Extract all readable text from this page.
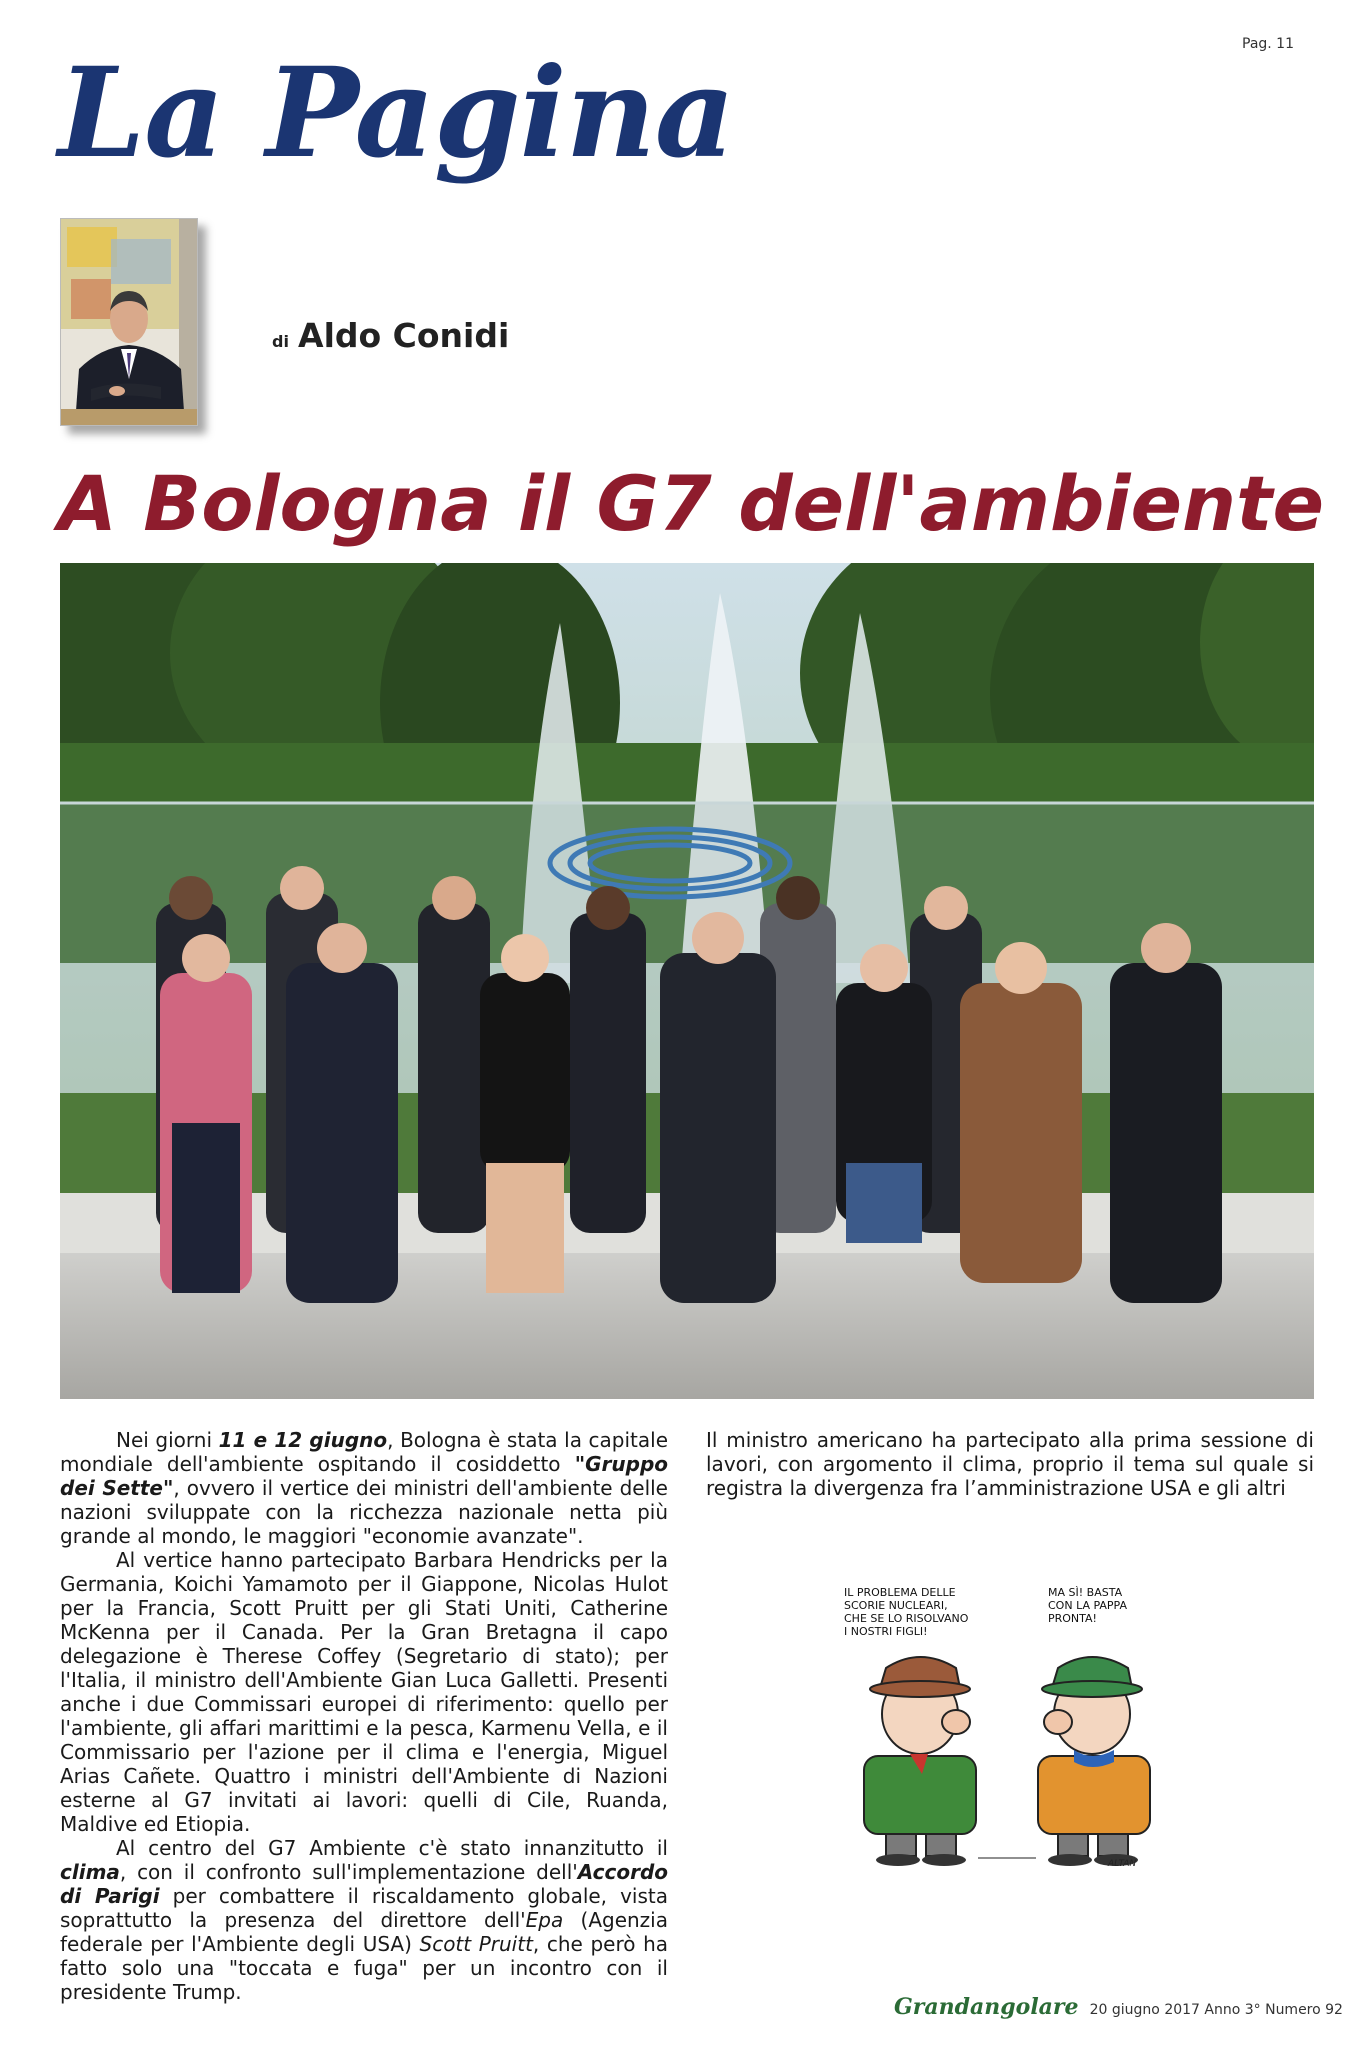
Pag. 11
La Pagina
di Aldo Conidi
A Bologna il G7 dell'ambiente

Nei giorni 11 e 12 giugno, Bologna è stata la capitale mondiale dell'ambiente ospitando il cosiddetto "Gruppo dei Sette", ovvero il vertice dei ministri dell'ambiente delle nazioni sviluppate con la ricchezza nazionale netta più grande al mondo, le maggiori "economie avanzate".

Al vertice hanno partecipato Barbara Hendricks per la Germania, Koichi Yamamoto per il Giappone, Nicolas Hulot per la Francia, Scott Pruitt per gli Stati Uniti, Catherine McKenna per il Canada. Per la Gran Bretagna il capo delegazione è Therese Coffey (Segretario di stato); per l'Italia, il ministro dell'Ambiente Gian Luca Galletti. Presenti anche i due Commissari europei di riferimento: quello per l'ambiente, gli affari marittimi e la pesca, Karmenu Vella, e il Commissario per l'azione per il clima e l'energia, Miguel Arias Cañete. Quattro i ministri dell'Ambiente di Nazioni esterne al G7 invitati ai lavori: quelli di Cile, Ruanda, Maldive ed Etiopia.

Al centro del G7 Ambiente c'è stato innanzitutto il clima, con il confronto sull'implementazione dell'Accordo di Parigi per combattere il riscaldamento globale, vista soprattutto la presenza del direttore dell'Epa (Agenzia federale per l'Ambiente degli USA) Scott Pruitt, che però ha fatto solo una "toccata e fuga" per un incontro con il presidente Trump.

Il ministro americano ha partecipato alla prima sessione di lavori, con argomento il clima, proprio il tema sul quale si registra la divergenza fra l’amministrazione USA e gli altri

IL PROBLEMA DELLE
SCORIE NUCLEARI,
CHE SE LO RISOLVANO
I NOSTRI FIGLI!
MA SÌ! BASTA
CON LA PAPPA
PRONTA!
ALTAN
Grandangolare 20 giugno 2017 Anno 3° Numero 92
